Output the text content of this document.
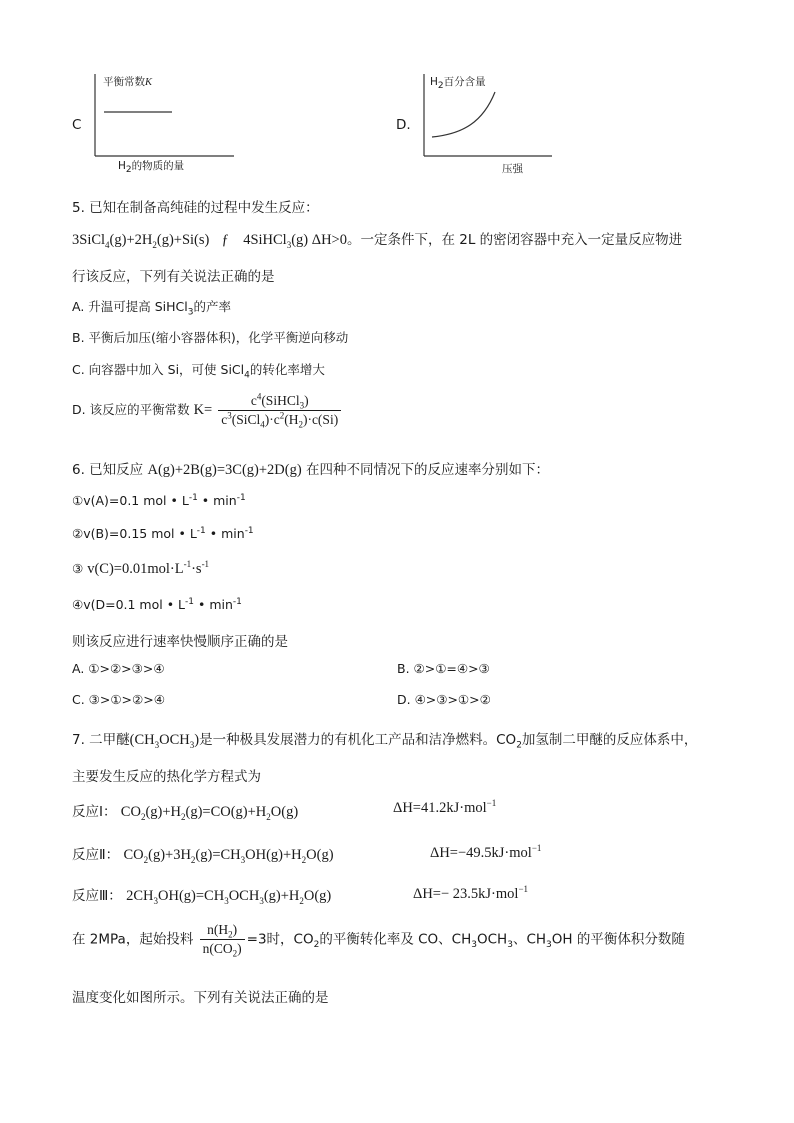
C
平衡常数K
$H_2$的物质的量
D.
$H_2$百分含量
压强
5. 已知在制备高纯硅的过程中发生反应：
$3SiCl_4(g)+2H_2(g)+Si(s)$ ƒ 4SiHCl$_3$(g) ΔH>0。一定条件下，在 2L 的密闭容器中充入一定量反应物进
行该反应，下列有关说法正确的是
A. 升温可提高 SiHCl$_3$的产率
B. 平衡后加压(缩小容器体积)，化学平衡逆向移动
C. 向容器中加入 Si，可使 SiCl$_4$的转化率增大
D. 该反应的平衡常数 $K= \frac{c^4(SiHCl_3)}{c^3(SiCl_4)\cdot c^2(H_2)\cdot c(Si)}$
6. 已知反应 A(g)+2B(g)=3C(g)+2D(g) 在四种不同情况下的反应速率分别如下：
①v(A)=0.1 mol • $L^{-1}$ • $\min^{-1}$
②v(B)=0.15 mol • $L^{-1}$ • $\min^{-1}$
③ $v(C)=0.01mol\cdot L^{-1}\cdot s^{-1}$
④v(D=0.1 mol • $L^{-1}$ • $\min^{-1}$
则该反应进行速率快慢顺序正确的是
A. ①>②>③>④	B. ②>①=④>③
C. ③>①>②>④	D. ④>③>①>②
7. 二甲醚$(CH_3OCH_3)$是一种极具发展潜力的有机化工产品和洁净燃料。$CO_2$加氢制二甲醚的反应体系中，
主要发生反应的热化学方程式为
反应Ⅰ： $CO_2(g)+H_2(g)=CO(g)+H_2O(g)$	ΔH=41.2kJ·mol$^{-1}$
反应Ⅱ： $CO_2(g)+3H_2(g)=CH_3OH(g)+H_2O(g)$	ΔH=−49.5kJ·mol$^{-1}$
反应Ⅲ： $2CH_3OH(g)=CH_3OCH_3(g)+H_2O(g)$	ΔH=− 23.5kJ·mol$^{-1}$
在 2MPa，起始投料 $\frac{n(H_2)}{n(CO_2)} =3$时，$CO_2$的平衡转化率及 CO、$CH_3OCH_3$、$CH_3OH$ 的平衡体积分数随
温度变化如图所示。下列有关说法正确的是
